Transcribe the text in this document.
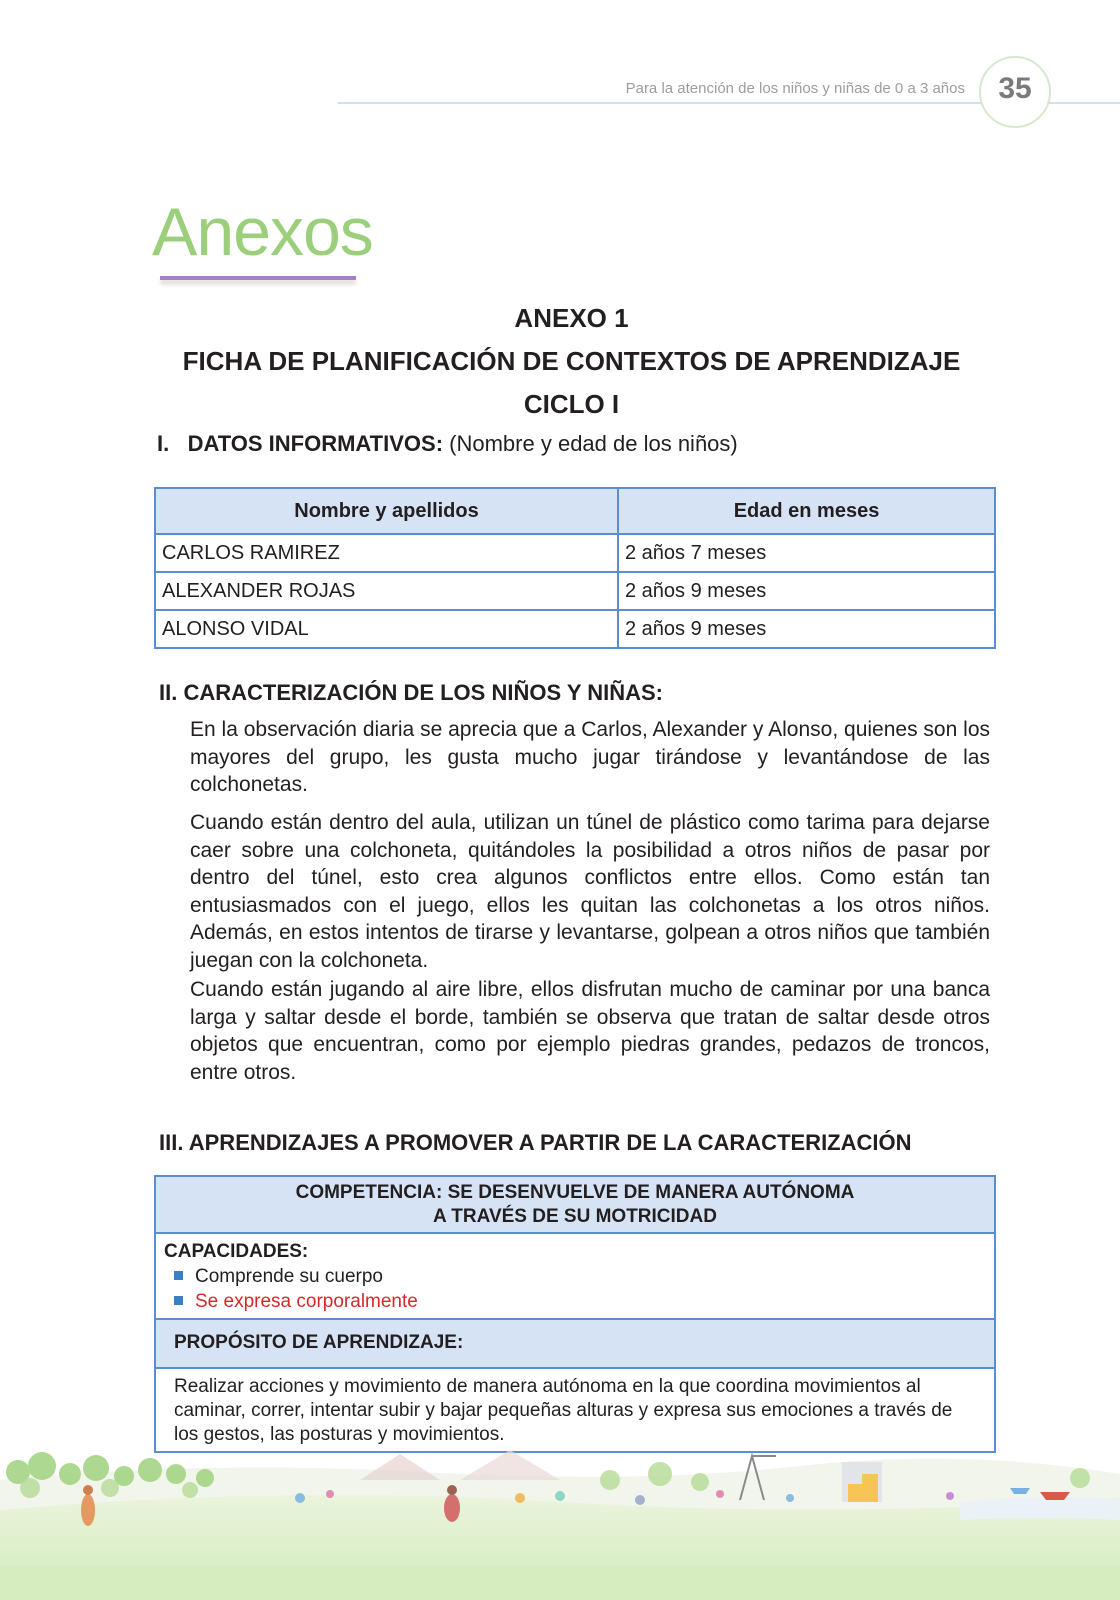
Para la atención de los niños y niñas de 0 a 3 años	35
Anexos
ANEXO 1
FICHA DE PLANIFICACIÓN DE CONTEXTOS DE APRENDIZAJE
CICLO I
I. DATOS INFORMATIVOS: (Nombre y edad de los niños)
Nombre y apellidos	Edad en meses
CARLOS RAMIREZ	2 años 7 meses
ALEXANDER ROJAS	2 años 9 meses
ALONSO VIDAL	2 años 9 meses
II. CARACTERIZACIÓN DE LOS NIÑOS Y NIÑAS:
En la observación diaria se aprecia que a Carlos, Alexander y Alonso, quienes son los mayores del grupo, les gusta mucho jugar tirándose y levantándose de las colchonetas.
Cuando están dentro del aula, utilizan un túnel de plástico como tarima para dejarse caer sobre una colchoneta, quitándoles la posibilidad a otros niños de pasar por dentro del túnel, esto crea algunos conflictos entre ellos. Como están tan entusiasmados con el juego, ellos les quitan las colchonetas a los otros niños. Además, en estos intentos de tirarse y levantarse, golpean a otros niños que también juegan con la colchoneta.
Cuando están jugando al aire libre, ellos disfrutan mucho de caminar por una banca larga y saltar desde el borde, también se observa que tratan de saltar desde otros objetos que encuentran, como por ejemplo piedras grandes, pedazos de troncos, entre otros.
III. APRENDIZAJES A PROMOVER A PARTIR DE LA CARACTERIZACIÓN
COMPETENCIA: SE DESENVUELVE DE MANERA AUTÓNOMA
A TRAVÉS DE SU MOTRICIDAD
CAPACIDADES:
Comprende su cuerpo
Se expresa corporalmente
PROPÓSITO DE APRENDIZAJE:
Realizar acciones y movimiento de manera autónoma en la que coordina movimientos al caminar, correr, intentar subir y bajar pequeñas alturas y expresa sus emociones a través de los gestos, las posturas y movimientos.
